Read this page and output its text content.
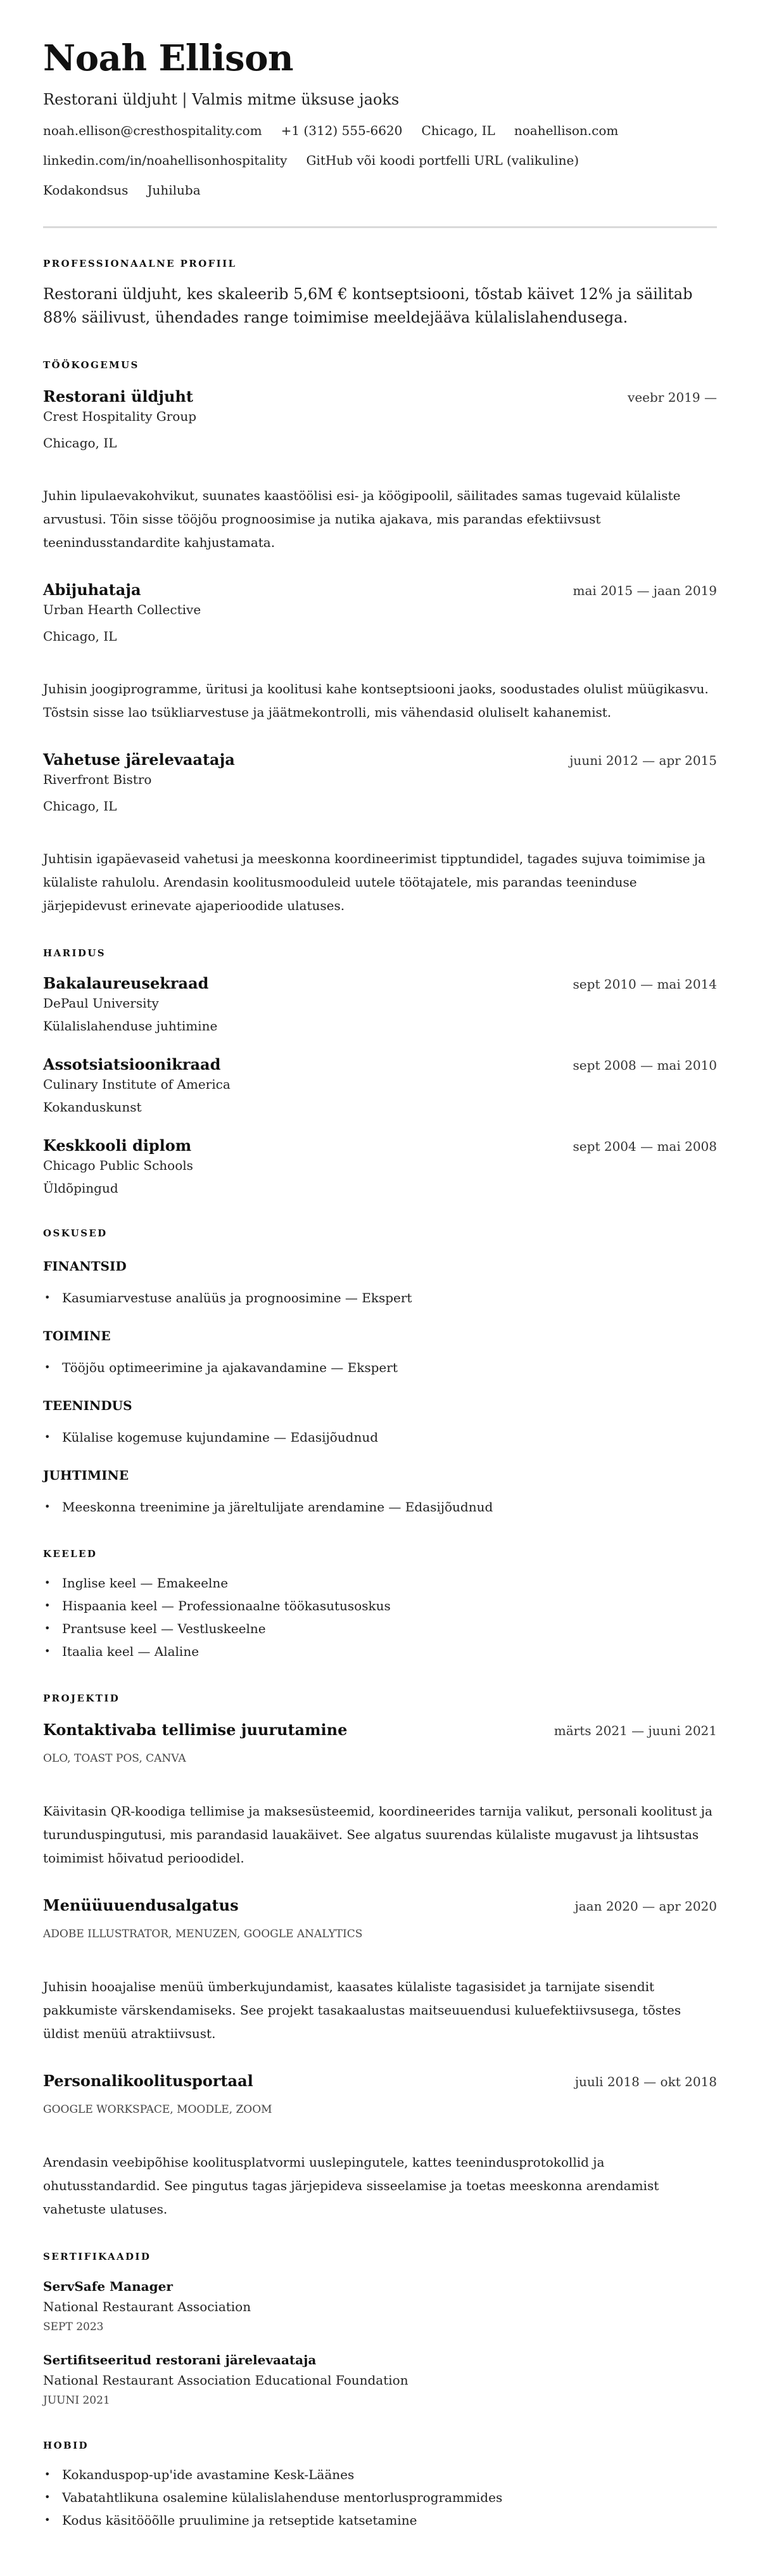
Noah Ellison
Restorani üldjuht | Valmis mitme üksuse jaoks
noah.ellison@cresthospitality.com +1 (312) 555-6620 Chicago, IL noahellison.com
linkedin.com/in/noahellisonhospitality GitHub või koodi portfelli URL (valikuline)
Kodakondsus Juhiluba
PROFESSIONAALNE PROFIIL

Restorani üldjuht, kes skaleerib 5,6M € kontseptsiooni, tõstab käivet 12% ja säilitab 88% säilivust, ühendades range toimimise meeldejääva külalislahendusega.

TÖÖKOGEMUS
Restorani üldjuht	veebr 2019 —
Crest Hospitality Group
Chicago, IL

Juhin lipulaevakohvikut, suunates kaastöölisi esi- ja köögipoolil, säilitades samas tugevaid külaliste arvustusi. Tõin sisse tööjõu prognoosimise ja nutika ajakava, mis parandas efektiivsust teenindusstandardite kahjustamata.

Abijuhataja	mai 2015 — jaan 2019
Urban Hearth Collective
Chicago, IL

Juhisin joogiprogramme, üritusi ja koolitusi kahe kontseptsiooni jaoks, soodustades olulist müügikasvu. Tõstsin sisse lao tsükliarvestuse ja jäätmekontrolli, mis vähendasid oluliselt kahanemist.

Vahetuse järelevaataja	juuni 2012 — apr 2015
Riverfront Bistro
Chicago, IL

Juhtisin igapäevaseid vahetusi ja meeskonna koordineerimist tipptundidel, tagades sujuva toimimise ja külaliste rahulolu. Arendasin koolitusmooduleid uutele töötajatele, mis parandas teeninduse järjepidevust erinevate ajaperioodide ulatuses.

HARIDUS
Bakalaureusekraad	sept 2010 — mai 2014
DePaul University
Külalislahenduse juhtimine
Assotsiatsioonikraad	sept 2008 — mai 2010
Culinary Institute of America
Kokanduskunst
Keskkooli diplom	sept 2004 — mai 2008
Chicago Public Schools
Üldõpingud
OSKUSED
FINANTSID
• Kasumiarvestuse analüüs ja prognoosimine — Ekspert
TOIMINE
• Tööjõu optimeerimine ja ajakavandamine — Ekspert
TEENINDUS
• Külalise kogemuse kujundamine — Edasijõudnud
JUHTIMINE
• Meeskonna treenimine ja järeltulijate arendamine — Edasijõudnud
KEELED
• Inglise keel — Emakeelne
• Hispaania keel — Professionaalne töökasutusoskus
• Prantsuse keel — Vestluskeelne
• Itaalia keel — Alaline
PROJEKTID
Kontaktivaba tellimise juurutamine	märts 2021 — juuni 2021
OLO, TOAST POS, CANVA

Käivitasin QR-koodiga tellimise ja maksesüsteemid, koordineerides tarnija valikut, personali koolitust ja turunduspingutusi, mis parandasid lauakäivet. See algatus suurendas külaliste mugavust ja lihtsustas toimimist hõivatud perioodidel.

Menüüuuendusalgatus	jaan 2020 — apr 2020
ADOBE ILLUSTRATOR, MENUZEN, GOOGLE ANALYTICS

Juhisin hooajalise menüü ümberkujundamist, kaasates külaliste tagasisidet ja tarnijate sisendit pakkumiste värskendamiseks. See projekt tasakaalustas maitseuuendusi kuluefektiivsusega, tõstes üldist menüü atraktiivsust.

Personalikoolitusportaal	juuli 2018 — okt 2018
GOOGLE WORKSPACE, MOODLE, ZOOM

Arendasin veebipõhise koolitusplatvormi uuslepingutele, kattes teenindusprotokollid ja ohutusstandardid. See pingutus tagas järjepideva sisseelamise ja toetas meeskonna arendamist vahetuste ulatuses.

SERTIFIKAADID
ServSafe Manager
National Restaurant Association
SEPT 2023
Sertifitseeritud restorani järelevaataja
National Restaurant Association Educational Foundation
JUUNI 2021
HOBID
• Kokanduspop-up'ide avastamine Kesk-Läänes
• Vabatahtlikuna osalemine külalislahenduse mentorlusprogrammides
• Kodus käsitööõlle pruulimine ja retseptide katsetamine
